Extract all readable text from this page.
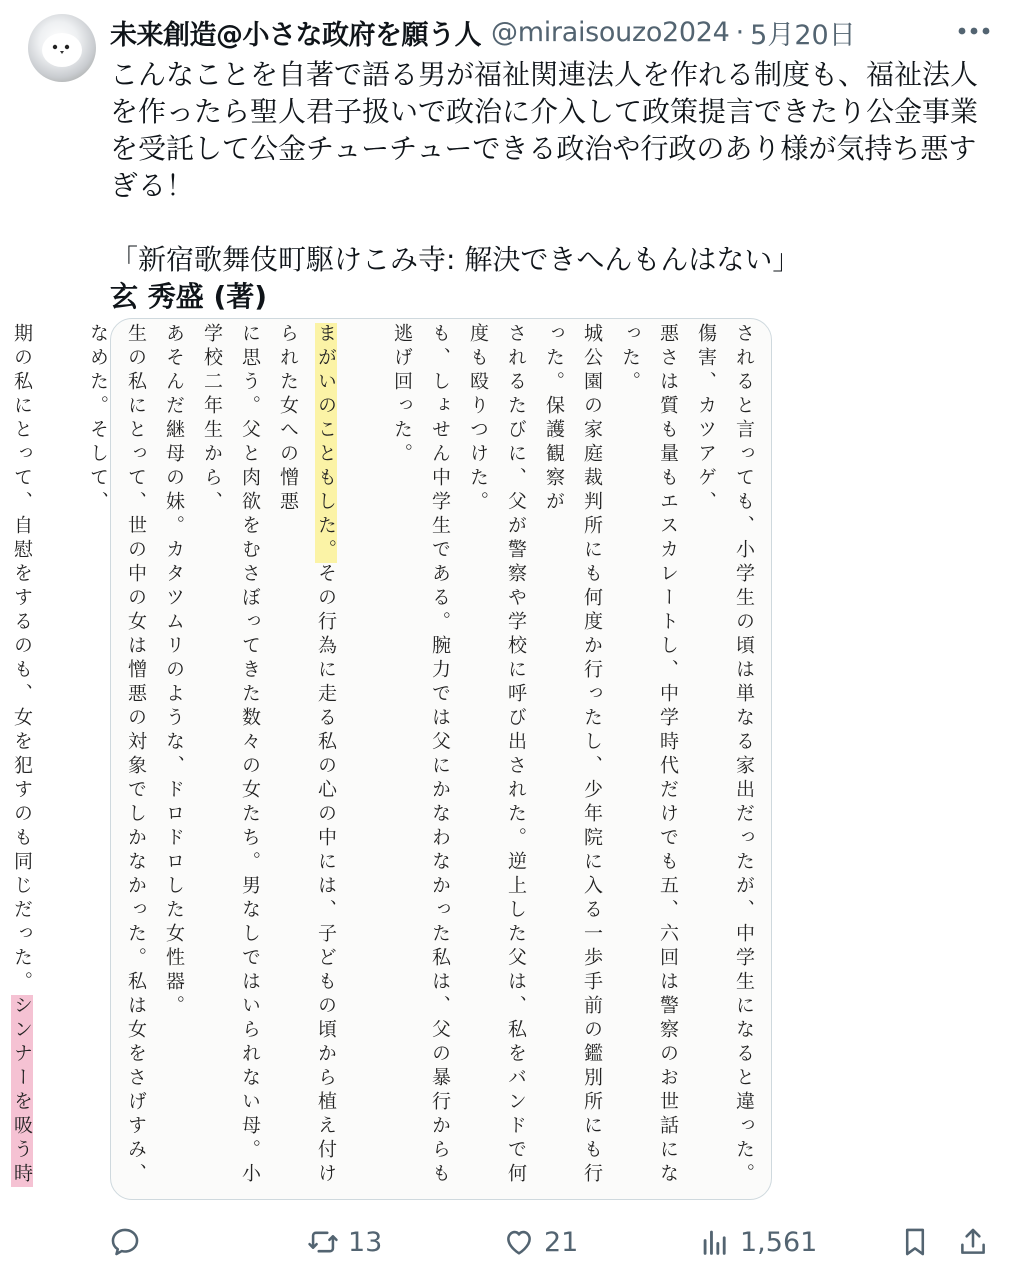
未来創造@小さな政府を願う人 @miraisouzo2024 · 5月20日

こんなことを自著で語る男が福祉関連法人を作れる制度も、福祉法人を作ったら聖人君子扱いで政治に介入して政策提言できたり公金事業を受託して公金チューチューできる政治や行政のあり様が気持ち悪すぎる！

「新宿歌舞伎町駆けこみ寺: 解決できへんもんはない」

玄 秀盛 (著)

されると言っても、小学生の頃は単なる家出だったが、中学生になると違った。傷害、カツアゲ、
悪さは質も量もエスカレートし、中学時代だけでも五、六回は警察のお世話になった。
城公園の家庭裁判所にも何度か行ったし、少年院に入る一歩手前の鑑別所にも行った。保護観察が
されるたびに、父が警察や学校に呼び出された。逆上した父は、私をバンドで何度も殴りつけた。
も、しょせん中学生である。腕力では父にかなわなかった私は、父の暴行からも逃げ回った。

まがいのこともした。その行為に走る私の心の中には、子どもの頃から植え付けられた女への憎悪
に思う。父と肉欲をむさぼってきた数々の女たち。男なしではいられない母。小学校二年生から、
あそんだ継母の妹。カタツムリのような、ドロドロした女性器。
生の私にとって、世の中の女は憎悪の対象でしかなかった。私は女をさげすみ、なめた。そして、

期の私にとって、自慰をするのも、女を犯すのも同じだった。シンナーを吸う時

13	21	1,561
